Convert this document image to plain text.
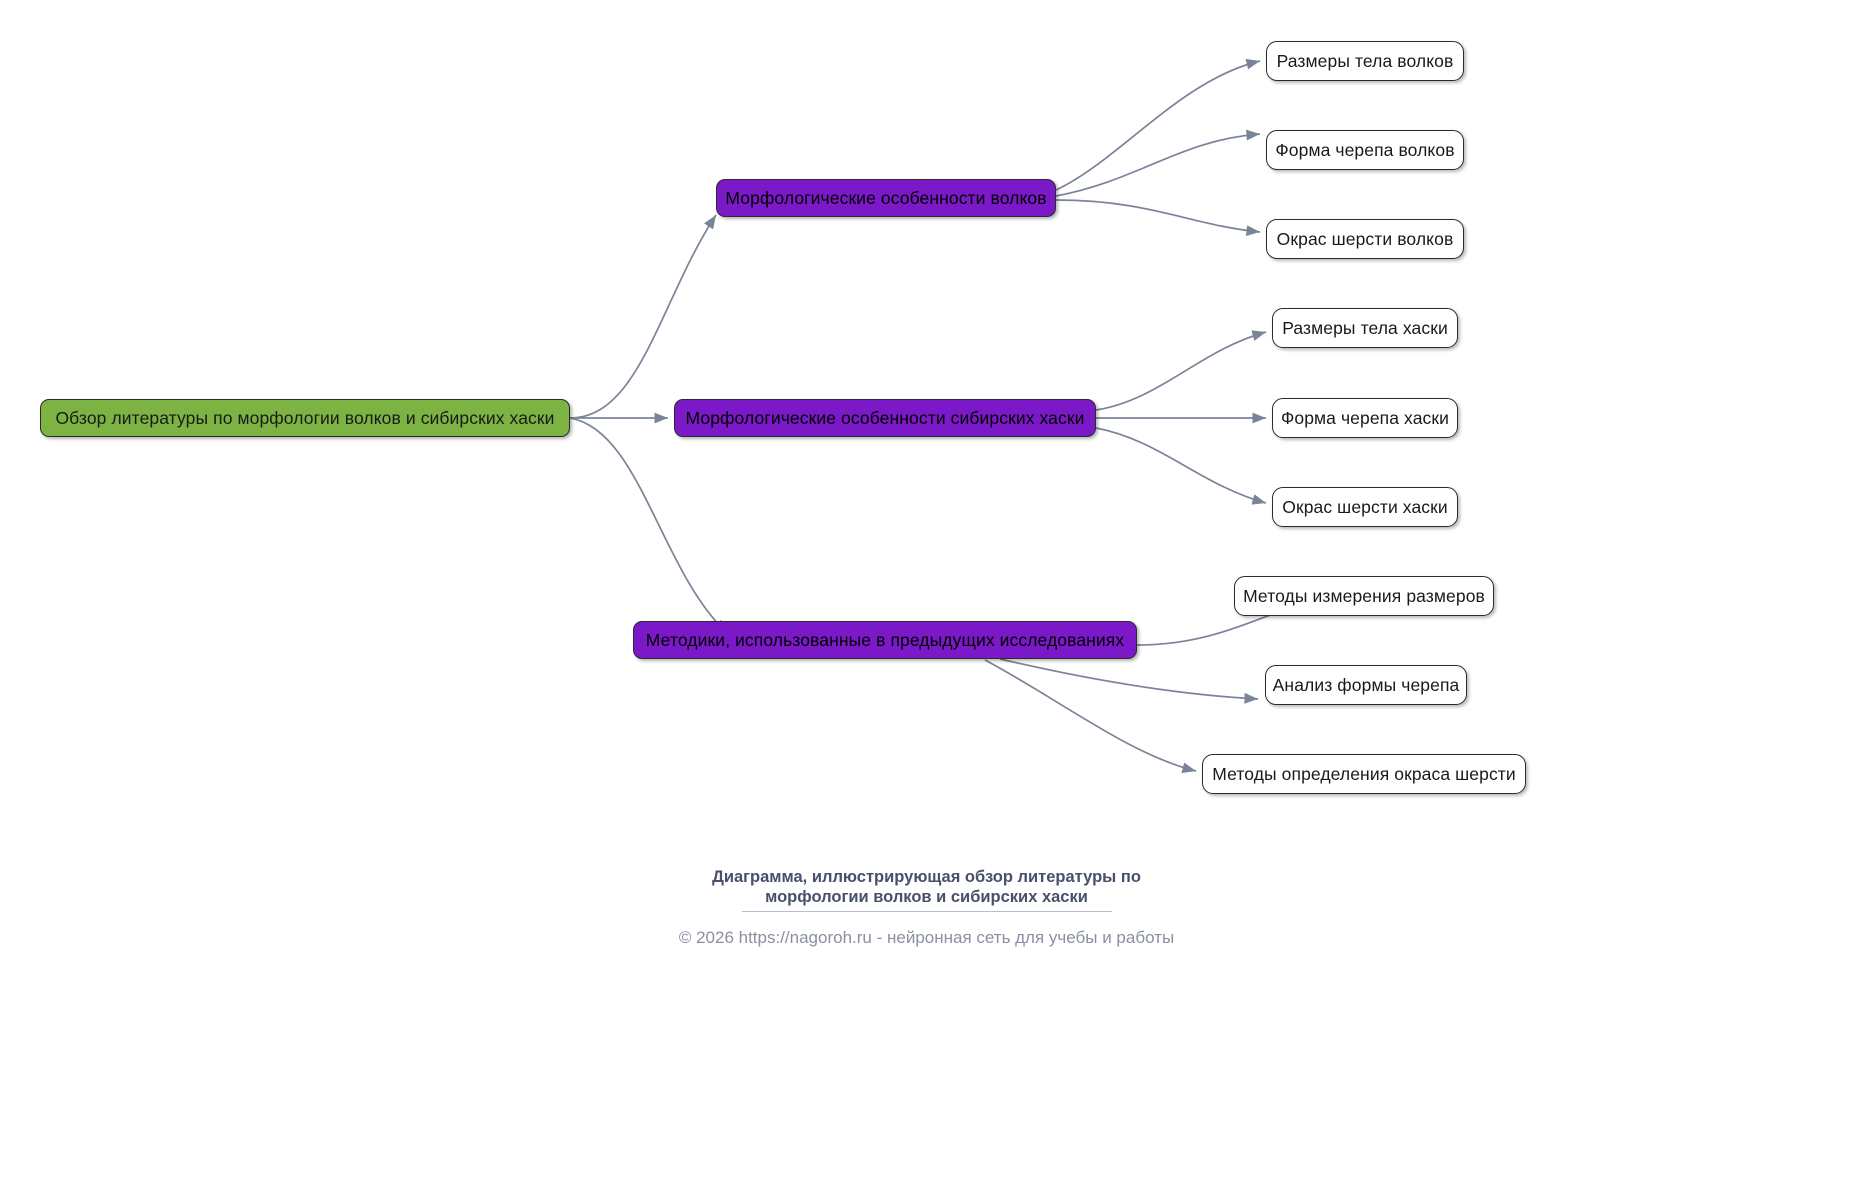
Обзор литературы по морфологии волков и сибирских хаски
Морфологические особенности волков
Размеры тела волков
Форма черепа волков
Окрас шерсти волков
Морфологические особенности сибирских хаски
Размеры тела хаски
Форма черепа хаски
Окрас шерсти хаски
Методики, использованные в предыдущих исследованиях
Методы измерения размеров
Анализ формы черепа
Методы определения окраса шерсти
Диаграмма, иллюстрирующая обзор литературы по
морфологии волков и сибирских хаски
© 2026 https://nagoroh.ru - нейронная сеть для учебы и работы
